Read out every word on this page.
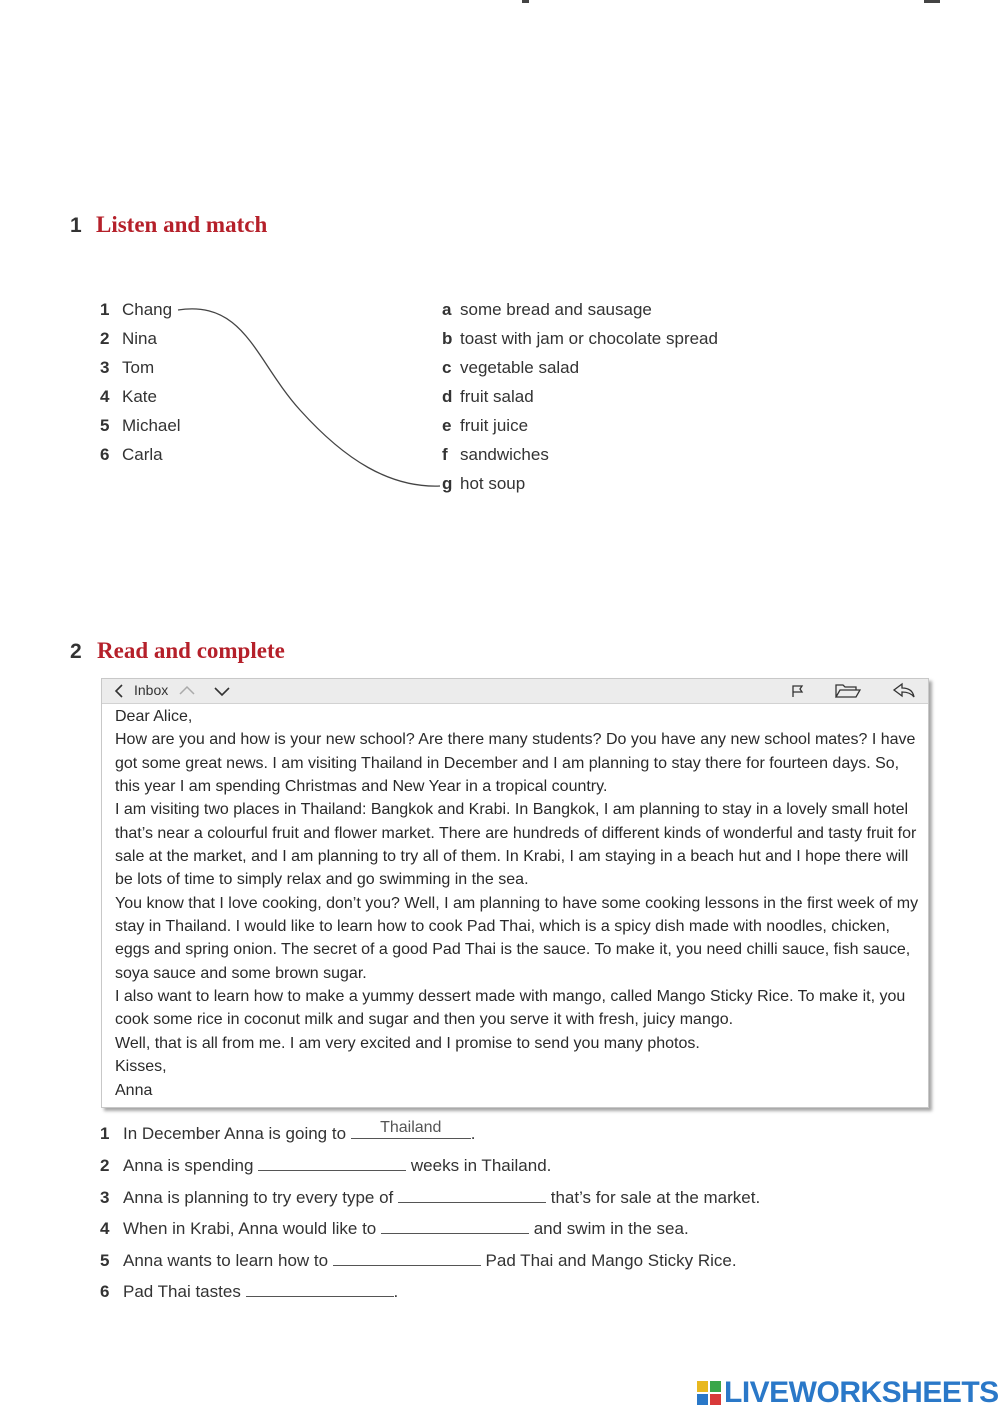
1 Listen and match
1 Chang
2 Nina
3 Tom
4 Kate
5 Michael
6 Carla
a some bread and sausage
b toast with jam or chocolate spread
c vegetable salad
d fruit salad
e fruit juice
f sandwiches
g hot soup
2 Read and complete
Inbox

Dear Alice,

How are you and how is your new school? Are there many students? Do you have any new school mates? I have got some great news. I am visiting Thailand in December and I am planning to stay there for fourteen days. So, this year I am spending Christmas and New Year in a tropical country.

I am visiting two places in Thailand: Bangkok and Krabi. In Bangkok, I am planning to stay in a lovely small hotel that’s near a colourful fruit and flower market. There are hundreds of different kinds of wonderful and tasty fruit for sale at the market, and I am planning to try all of them. In Krabi, I am staying in a beach hut and I hope there will be lots of time to simply relax and go swimming in the sea.

You know that I love cooking, don’t you? Well, I am planning to have some cooking lessons in the first week of my stay in Thailand. I would like to learn how to cook Pad Thai, which is a spicy dish made with noodles, chicken, eggs and spring onion. The secret of a good Pad Thai is the sauce. To make it, you need chilli sauce, fish sauce, soya sauce and some brown sugar.

I also want to learn how to make a yummy dessert made with mango, called Mango Sticky Rice. To make it, you cook some rice in coconut milk and sugar and then you serve it with fresh, juicy mango.

Well, that is all from me. I am very excited and I promise to send you many photos.

Kisses,

Anna

1 In December Anna is going to	Thailand	.
2 Anna is spending	weeks in Thailand.
3 Anna is planning to try every type of	that’s for sale at the market.
4 When in Krabi, Anna would like to	and swim in the sea.
5 Anna wants to learn how to	Pad Thai and Mango Sticky Rice.
6 Pad Thai tastes	.
LIVEWORKSHEETS
